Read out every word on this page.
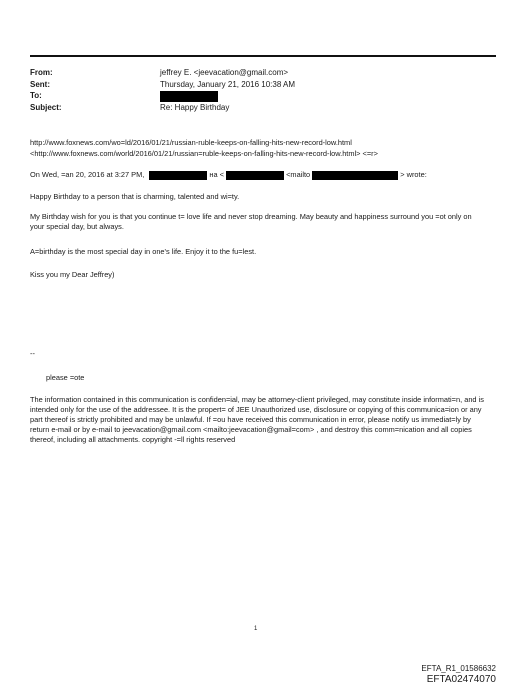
From:	jeffrey E. <jeevacation@gmail.com>
Sent:	Thursday, January 21, 2016 10:38 AM
To:
Subject:	Re: Happy Birthday
http://www.foxnews.com/wo=ld/2016/01/21/russian-ruble-keeps-on-falling-hits-new-record-low.html
<http://www.foxnews.com/world/2016/01/21/russian=ruble-keeps-on-falling-hits-new-record-low.html> <=r>
On Wed, =an 20, 2016 at 3:27 PM,	на <	<mailto	> wrote:
Happy Birthday to a person that is charming, talented and wi=ty.
My Birthday wish for you is that you continue t= love life and never stop dreaming. May beauty and happiness surround you =ot only on your special day, but always.
A=birthday is the most special day in one's life. Enjoy it to the fu=lest.
Kiss you my Dear Jeffrey)
--
please =ote
The information contained in this communication is confiden=ial, may be attorney-client privileged, may constitute inside informati=n, and is intended only for the use of the addressee. It is the propert= of JEE Unauthorized use, disclosure or copying of this communica=ion or any part thereof is strictly prohibited and may be unlawful. If =ou have received this communication in error, please notify us immediat=ly by return e-mail or by e-mail to jeevacation@gmail.com <mailto:jeevacation@gmail=com> , and destroy this comm=nication and all copies thereof, including all attachments. copyright -=ll rights reserved
1
EFTA_R1_01586632
EFTA02474070
